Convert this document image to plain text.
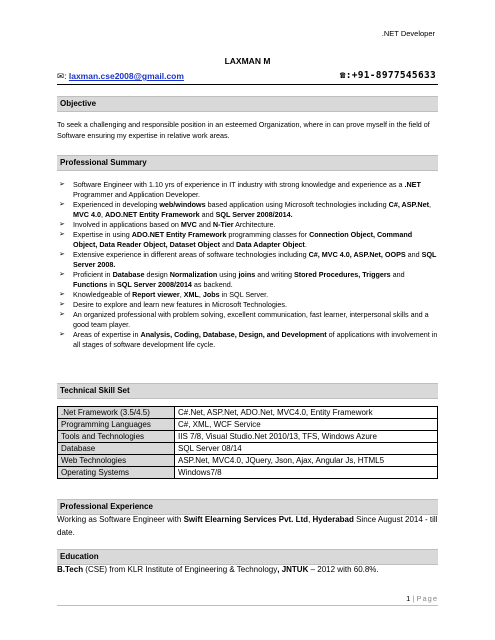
.NET Developer
LAXMAN M
✉: laxman.cse2008@gmail.com	☎:+91-8977545633
Objective
To seek a challenging and responsible position in an esteemed Organization, where in can prove myself in the field of Software ensuring my expertise in relative work areas.
Professional Summary
➢ Software Engineer with 1.10 yrs of experience in IT industry with strong knowledge and experience as a .NET Programmer and Application Developer.
➢ Experienced in developing web/windows based application using Microsoft technologies including C#, ASP.Net, MVC 4.0, ADO.NET Entity Framework and SQL Server 2008/2014.
➢ Involved in applications based on MVC and N-Tier Architecture.
➢ Expertise in using ADO.NET Entity Framework programming classes for Connection Object, Command Object, Data Reader Object, Dataset Object and Data Adapter Object.
➢ Extensive experience in different areas of software technologies including C#, MVC 4.0, ASP.Net, OOPS and SQL Server 2008.
➢ Proficient in Database design Normalization using joins and writing Stored Procedures, Triggers and Functions in SQL Server 2008/2014 as backend.
➢ Knowledgeable of Report viewer, XML, Jobs in SQL Server.
➢ Desire to explore and learn new features in Microsoft Technologies.
➢ An organized professional with problem solving, excellent communication, fast learner, interpersonal skills and a good team player.
➢ Areas of expertise in Analysis, Coding, Database, Design, and Development of applications with involvement in all stages of software development life cycle.
Technical Skill Set
.Net Framework (3.5/4.5)	C#.Net, ASP.Net, ADO.Net, MVC4.0, Entity Framework
Programming Languages	C#, XML, WCF Service
Tools and Technologies	IIS 7/8, Visual Studio.Net 2010/13, TFS, Windows Azure
Database	SQL Server 08/14
Web Technologies	ASP.Net, MVC4.0, JQuery, Json, Ajax, Angular Js, HTML5
Operating Systems	Windows7/8
Professional Experience
Working as Software Engineer with Swift Elearning Services Pvt. Ltd, Hyderabad Since August 2014 - till date.
Education
B.Tech (CSE) from KLR Institute of Engineering & Technology, JNTUK – 2012 with 60.8%.
1 | Page
